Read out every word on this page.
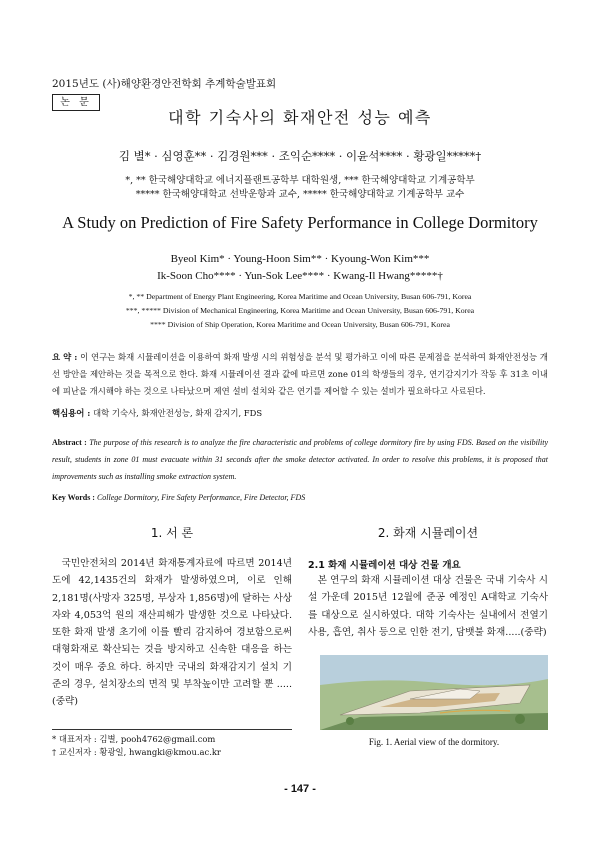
2015년도 (사)해양환경안전학회 추계학술발표회
논 문
대학 기숙사의 화재안전 성능 예측
김 별* · 심영훈** · 김경원*** · 조익순**** · 이윤석**** · 황광일*****†
*, ** 한국해양대학교 에너지플랜트공학부 대학원생, *** 한국해양대학교 기계공학부
***** 한국해양대학교 선박운항과 교수, ***** 한국해양대학교 기계공학부 교수
A Study on Prediction of Fire Safety Performance in College Dormitory
Byeol Kim* · Young-Hoon Sim** · Kyoung-Won Kim***
Ik-Soon Cho**** · Yun-Sok Lee**** · Kwang-Il Hwang*****†
*, ** Department of Energy Plant Engineering, Korea Maritime and Ocean University, Busan 606-791, Korea
***, ***** Division of Mechanical Engineering, Korea Maritime and Ocean University, Busan 606-791, Korea
**** Division of Ship Operation, Korea Maritime and Ocean University, Busan 606-791, Korea
요 약 : 이 연구는 화재 시뮬레이션을 이용하여 화재 발생 시의 위험성을 분석 및 평가하고 이에 따른 문제점을 분석하여 화재안전성능 개선 방안을 제안하는 것을 목적으로 한다. 화재 시뮬레이션 결과 값에 따르면 zone 01의 학생들의 경우, 연기감지기가 작동 후 31초 이내에 피난을 개시해야 하는 것으로 나타났으며 제연 설비 설치와 같은 연기를 제어할 수 있는 설비가 필요하다고 사료된다.
핵심용어 : 대학 기숙사, 화재안전성능, 화재 감지기, FDS
Abstract : The purpose of this research is to analyze the fire characteristic and problems of college dormitory fire by using FDS. Based on the visibility result, students in zone 01 must evacuate within 31 seconds after the smoke detector activated. In order to resolve this problems, it is proposed that improvements such as installing smoke extraction system.
Key Words : College Dormitory, Fire Safety Performance, Fire Detector, FDS
1. 서 론
국민안전처의 2014년 화재통계자료에 따르면 2014년도에 42,1435건의 화재가 발생하였으며, 이로 인해 2,181명(사망자 325명, 부상자 1,856명)에 달하는 사상자와 4,053억 원의 재산피해가 발생한 것으로 나타났다. 또한 화재 발생 초기에 이를 빨리 감지하여 경보함으로써 대형화재로 확산되는 것을 방지하고 신속한 대응을 하는 것이 매우 중요 하다. 하지만 국내의 화재감지기 설치 기준의 경우, 설치장소의 면적 및 부착높이만 고려할 뿐 .....(중략)
2. 화재 시뮬레이션
2.1 화재 시뮬레이션 대상 건물 개요
본 연구의 화재 시뮬레이션 대상 건물은 국내 기숙사 시설 가운데 2015년 12월에 준공 예정인 A대학교 기숙사를 대상으로 실시하였다. 대학 기숙사는 실내에서 전열기 사용, 흡연, 취사 등으로 인한 전기, 담뱃불 화재.....(중략)
Fig. 1. Aerial view of the dormitory.
* 대표저자 : 김별, pooh4762@gmail.com
† 교신저자 : 황광일, hwangki@kmou.ac.kr
- 147 -
